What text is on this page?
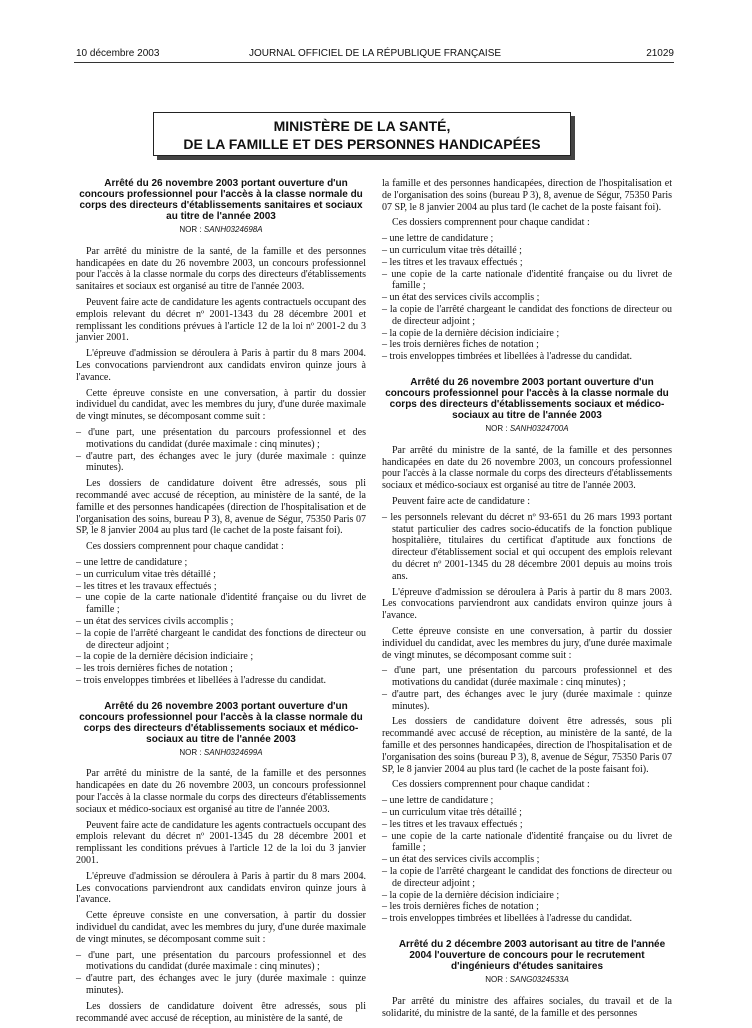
10 décembre 2003	JOURNAL OFFICIEL DE LA RÉPUBLIQUE FRANÇAISE	21029
MINISTÈRE DE LA SANTÉ,
DE LA FAMILLE ET DES PERSONNES HANDICAPÉES

Arrêté du 26 novembre 2003 portant ouverture d'un concours professionnel pour l'accès à la classe normale du corps des directeurs d'établissements sanitaires et sociaux au titre de l'année 2003

NOR : SANH0324698A

Par arrêté du ministre de la santé, de la famille et des personnes handicapées en date du 26 novembre 2003, un concours professionnel pour l'accès à la classe normale du corps des directeurs d'établissements sanitaires et sociaux est organisé au titre de l'année 2003.

Peuvent faire acte de candidature les agents contractuels occupant des emplois relevant du décret nº 2001-1343 du 28 décembre 2001 et remplissant les conditions prévues à l'article 12 de la loi nº 2001-2 du 3 janvier 2001.

L'épreuve d'admission se déroulera à Paris à partir du 8 mars 2004. Les convocations parviendront aux candidats environ quinze jours à l'avance.

Cette épreuve consiste en une conversation, à partir du dossier individuel du candidat, avec les membres du jury, d'une durée maximale de vingt minutes, se décomposant comme suit :

– d'une part, une présentation du parcours professionnel et des motivations du candidat (durée maximale : cinq minutes) ;
– d'autre part, des échanges avec le jury (durée maximale : quinze minutes).

Les dossiers de candidature doivent être adressés, sous pli recommandé avec accusé de réception, au ministère de la santé, de la famille et des personnes handicapées (direction de l'hospitalisation et de l'organisation des soins, bureau P 3), 8, avenue de Ségur, 75350 Paris 07 SP, le 8 janvier 2004 au plus tard (le cachet de la poste faisant foi).

Ces dossiers comprennent pour chaque candidat :

– une lettre de candidature ;
– un curriculum vitae très détaillé ;
– les titres et les travaux effectués ;
– une copie de la carte nationale d'identité française ou du livret de famille ;
– un état des services civils accomplis ;
– la copie de l'arrêté chargeant le candidat des fonctions de directeur ou de directeur adjoint ;
– la copie de la dernière décision indiciaire ;
– les trois dernières fiches de notation ;
– trois enveloppes timbrées et libellées à l'adresse du candidat.

Arrêté du 26 novembre 2003 portant ouverture d'un concours professionnel pour l'accès à la classe normale du corps des directeurs d'établissements sociaux et médico-sociaux au titre de l'année 2003

NOR : SANH0324699A

Par arrêté du ministre de la santé, de la famille et des personnes handicapées en date du 26 novembre 2003, un concours professionnel pour l'accès à la classe normale du corps des directeurs d'établissements sociaux et médico-sociaux est organisé au titre de l'année 2003.

Peuvent faire acte de candidature les agents contractuels occupant des emplois relevant du décret nº 2001-1345 du 28 décembre 2001 et remplissant les conditions prévues à l'article 12 de la loi du 3 janvier 2001.

L'épreuve d'admission se déroulera à Paris à partir du 8 mars 2004. Les convocations parviendront aux candidats environ quinze jours à l'avance.

Cette épreuve consiste en une conversation, à partir du dossier individuel du candidat, avec les membres du jury, d'une durée maximale de vingt minutes, se décomposant comme suit :

– d'une part, une présentation du parcours professionnel et des motivations du candidat (durée maximale : cinq minutes) ;
– d'autre part, des échanges avec le jury (durée maximale : quinze minutes).

Les dossiers de candidature doivent être adressés, sous pli recommandé avec accusé de réception, au ministère de la santé, de

la famille et des personnes handicapées, direction de l'hospitalisation et de l'organisation des soins (bureau P 3), 8, avenue de Ségur, 75350 Paris 07 SP, le 8 janvier 2004 au plus tard (le cachet de la poste faisant foi).

Ces dossiers comprennent pour chaque candidat :

– une lettre de candidature ;
– un curriculum vitae très détaillé ;
– les titres et les travaux effectués ;
– une copie de la carte nationale d'identité française ou du livret de famille ;
– un état des services civils accomplis ;
– la copie de l'arrêté chargeant le candidat des fonctions de directeur ou de directeur adjoint ;
– la copie de la dernière décision indiciaire ;
– les trois dernières fiches de notation ;
– trois enveloppes timbrées et libellées à l'adresse du candidat.

Arrêté du 26 novembre 2003 portant ouverture d'un concours professionnel pour l'accès à la classe normale du corps des directeurs d'établissements sociaux et médico-sociaux au titre de l'année 2003

NOR : SANH0324700A

Par arrêté du ministre de la santé, de la famille et des personnes handicapées en date du 26 novembre 2003, un concours professionnel pour l'accès à la classe normale du corps des directeurs d'établissements sociaux et médico-sociaux est organisé au titre de l'année 2003.

Peuvent faire acte de candidature :

– les personnels relevant du décret nº 93-651 du 26 mars 1993 portant statut particulier des cadres socio-éducatifs de la fonction publique hospitalière, titulaires du certificat d'aptitude aux fonctions de directeur d'établissement social et qui occupent des emplois relevant du décret nº 2001-1345 du 28 décembre 2001 depuis au moins trois ans.

L'épreuve d'admission se déroulera à Paris à partir du 8 mars 2003. Les convocations parviendront aux candidats environ quinze jours à l'avance.

Cette épreuve consiste en une conversation, à partir du dossier individuel du candidat, avec les membres du jury, d'une durée maximale de vingt minutes, se décomposant comme suit :

– d'une part, une présentation du parcours professionnel et des motivations du candidat (durée maximale : cinq minutes) ;
– d'autre part, des échanges avec le jury (durée maximale : quinze minutes).

Les dossiers de candidature doivent être adressés, sous pli recommandé avec accusé de réception, au ministère de la santé, de la famille et des personnes handicapées, direction de l'hospitalisation et de l'organisation des soins (bureau P 3), 8, avenue de Ségur, 75350 Paris 07 SP, le 8 janvier 2004 au plus tard (le cachet de la poste faisant foi).

Ces dossiers comprennent pour chaque candidat :

– une lettre de candidature ;
– un curriculum vitae très détaillé ;
– les titres et les travaux effectués ;
– une copie de la carte nationale d'identité française ou du livret de famille ;
– un état des services civils accomplis ;
– la copie de l'arrêté chargeant le candidat des fonctions de directeur ou de directeur adjoint ;
– la copie de la dernière décision indiciaire ;
– les trois dernières fiches de notation ;
– trois enveloppes timbrées et libellées à l'adresse du candidat.

Arrêté du 2 décembre 2003 autorisant au titre de l'année 2004 l'ouverture de concours pour le recrutement d'ingénieurs d'études sanitaires

NOR : SANG0324533A

Par arrêté du ministre des affaires sociales, du travail et de la solidarité, du ministre de la santé, de la famille et des personnes
